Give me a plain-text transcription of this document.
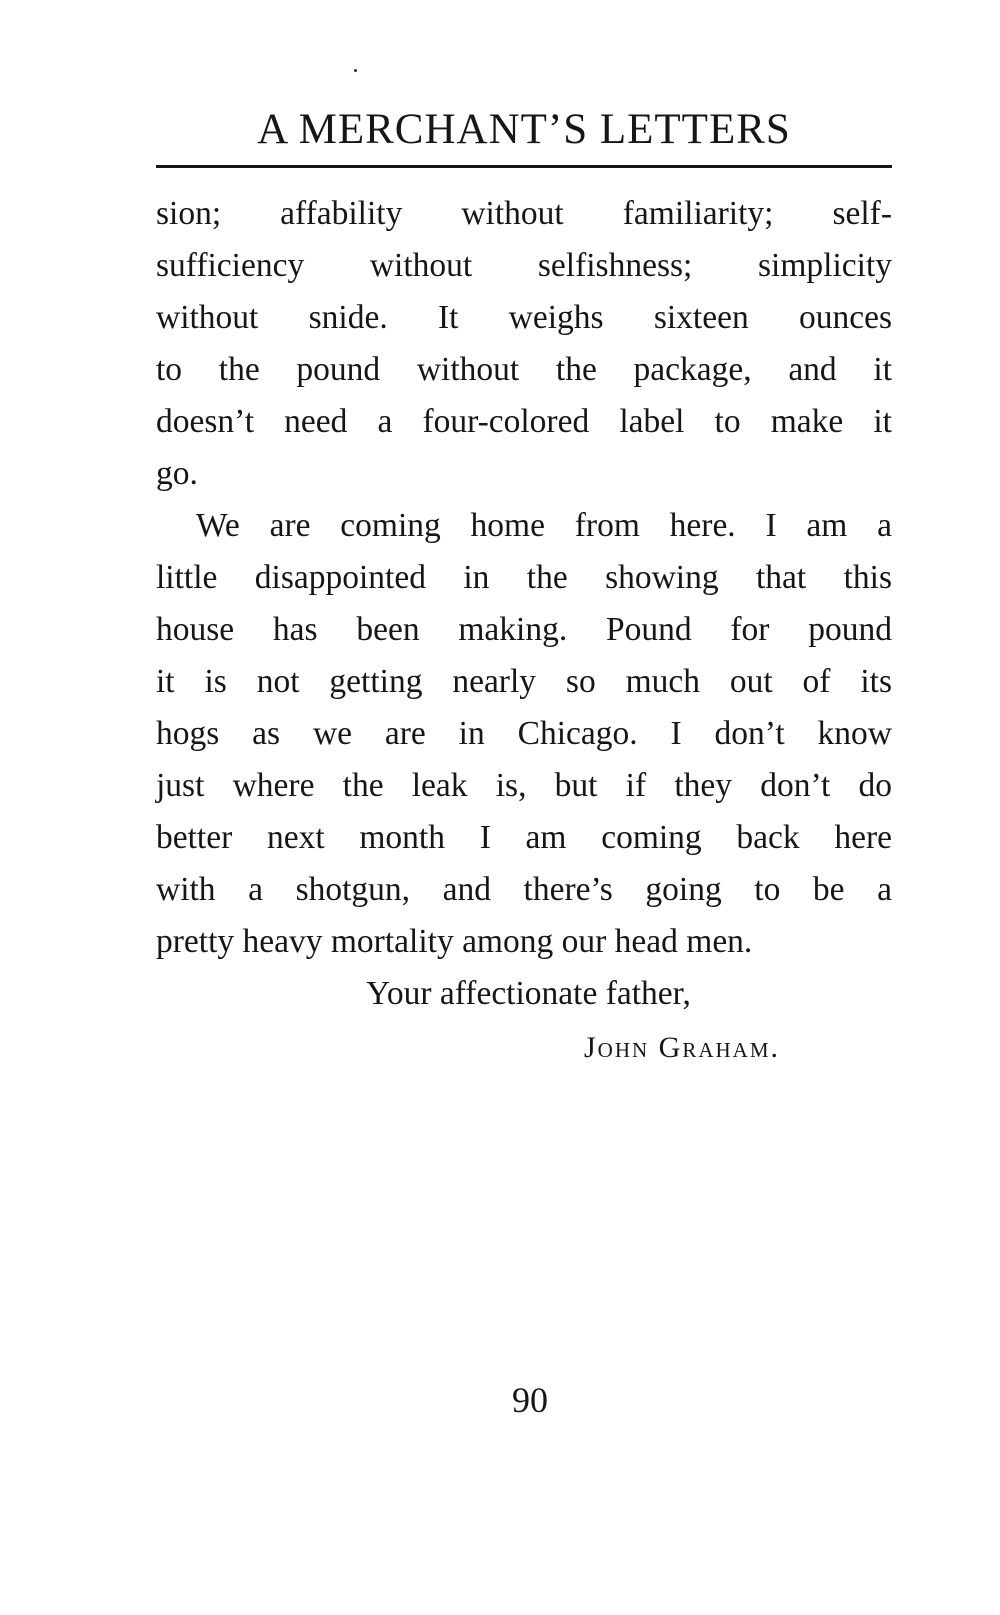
A MERCHANT’S LETTERS
sion; affability without familiarity; self-
sufficiency without selfishness; simplicity
without snide. It weighs sixteen ounces
to the pound without the package, and it
doesn’t need a four-colored label to make it
go.
We are coming home from here. I am a
little disappointed in the showing that this
house has been making. Pound for pound
it is not getting nearly so much out of its
hogs as we are in Chicago. I don’t know
just where the leak is, but if they don’t do
better next month I am coming back here
with a shotgun, and there’s going to be a
pretty heavy mortality among our head men.
Your affectionate father,
John Graham.
90
